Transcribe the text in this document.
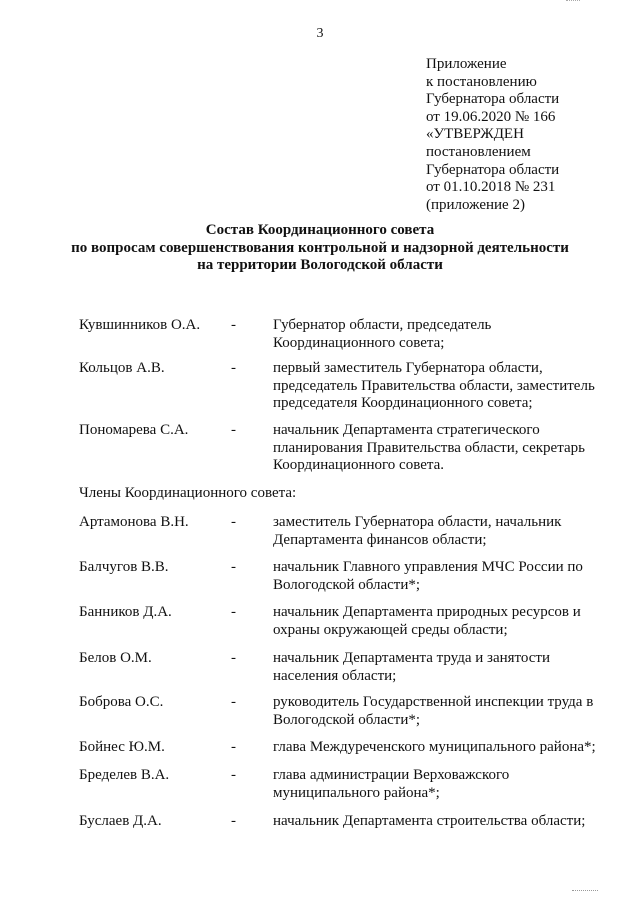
3
Приложение
к постановлению
Губернатора области
от 19.06.2020 № 166
«УТВЕРЖДЕН
постановлением
Губернатора области
от 01.10.2018 № 231
(приложение 2)
Состав Координационного совета
по вопросам совершенствования контрольной и надзорной деятельности
на территории Вологодской области
Кувшинников О.А. - Губернатор области, председатель
Координационного совета;
Кольцов А.В.	- первый заместитель Губернатора области,
председатель Правительства области, заместитель
председателя Координационного совета;
Пономарева С.А.	- начальник Департамента стратегического
планирования Правительства области, секретарь
Координационного совета.
Члены Координационного совета:
Артамонова В.Н.	- заместитель Губернатора области, начальник
Департамента финансов области;
Балчугов В.В.	- начальник Главного управления МЧС России по
Вологодской области*;
Банников Д.А.	- начальник Департамента природных ресурсов и
охраны окружающей среды области;
Белов О.М.	- начальник Департамента труда и занятости
населения области;
Боброва О.С.	- руководитель Государственной инспекции труда в
Вологодской области*;
Бойнес Ю.М.	- глава Междуреченского муниципального района*;
Бределев В.А.	- глава администрации Верховажского
муниципального района*;
Буслаев Д.А.	- начальник Департамента строительства области;
